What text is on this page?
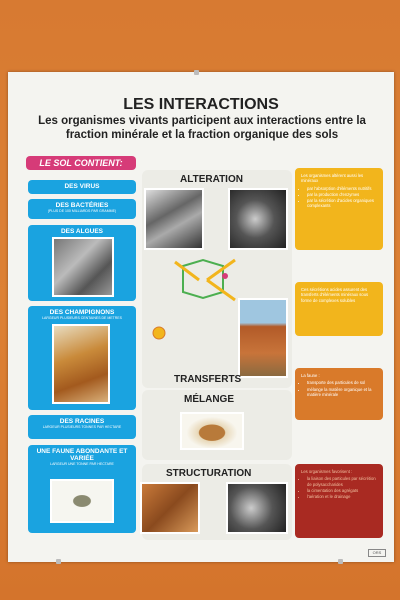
LES INTERACTIONS
Les organismes vivants participent aux interactions entre la fraction minérale et la fraction organique des sols
LE SOL CONTIENT:
DES VIRUS
DES BACTÉRIES
(PLUS DE 100 MILLIARDS PAR GRAMME)
DES ALGUES
DES CHAMPIGNONS
LARGEUR PLUSIEURS CENTAINES DE METRES
DES RACINES
LARGEUR PLUSIEURS TONNES PAR HECTARE
UNE FAUNE ABONDANTE ET VARIÉE
LARGEUR UNE TONNE PAR HECTARE
ALTERATION
TRANSFERTS
MÉLANGE
STRUCTURATION
Les organismes altèrent aussi les minéraux
• par l'absorption d'éléments nutritifs
• par la production d'enzymes
• par la sécrétion d'acides organiques complexants
Ces sécrétions acides assurent des transferts d'éléments minéraux sous forme de complexes solubles
La faune :
• transporte des particules de sol
• mélange la matière organique et la matière minérale
Les organismes favorisent :
• la liaison des particules par sécrétion de polysaccharides
• la cimentation des agrégats
• l'aération et le drainage
ORS
